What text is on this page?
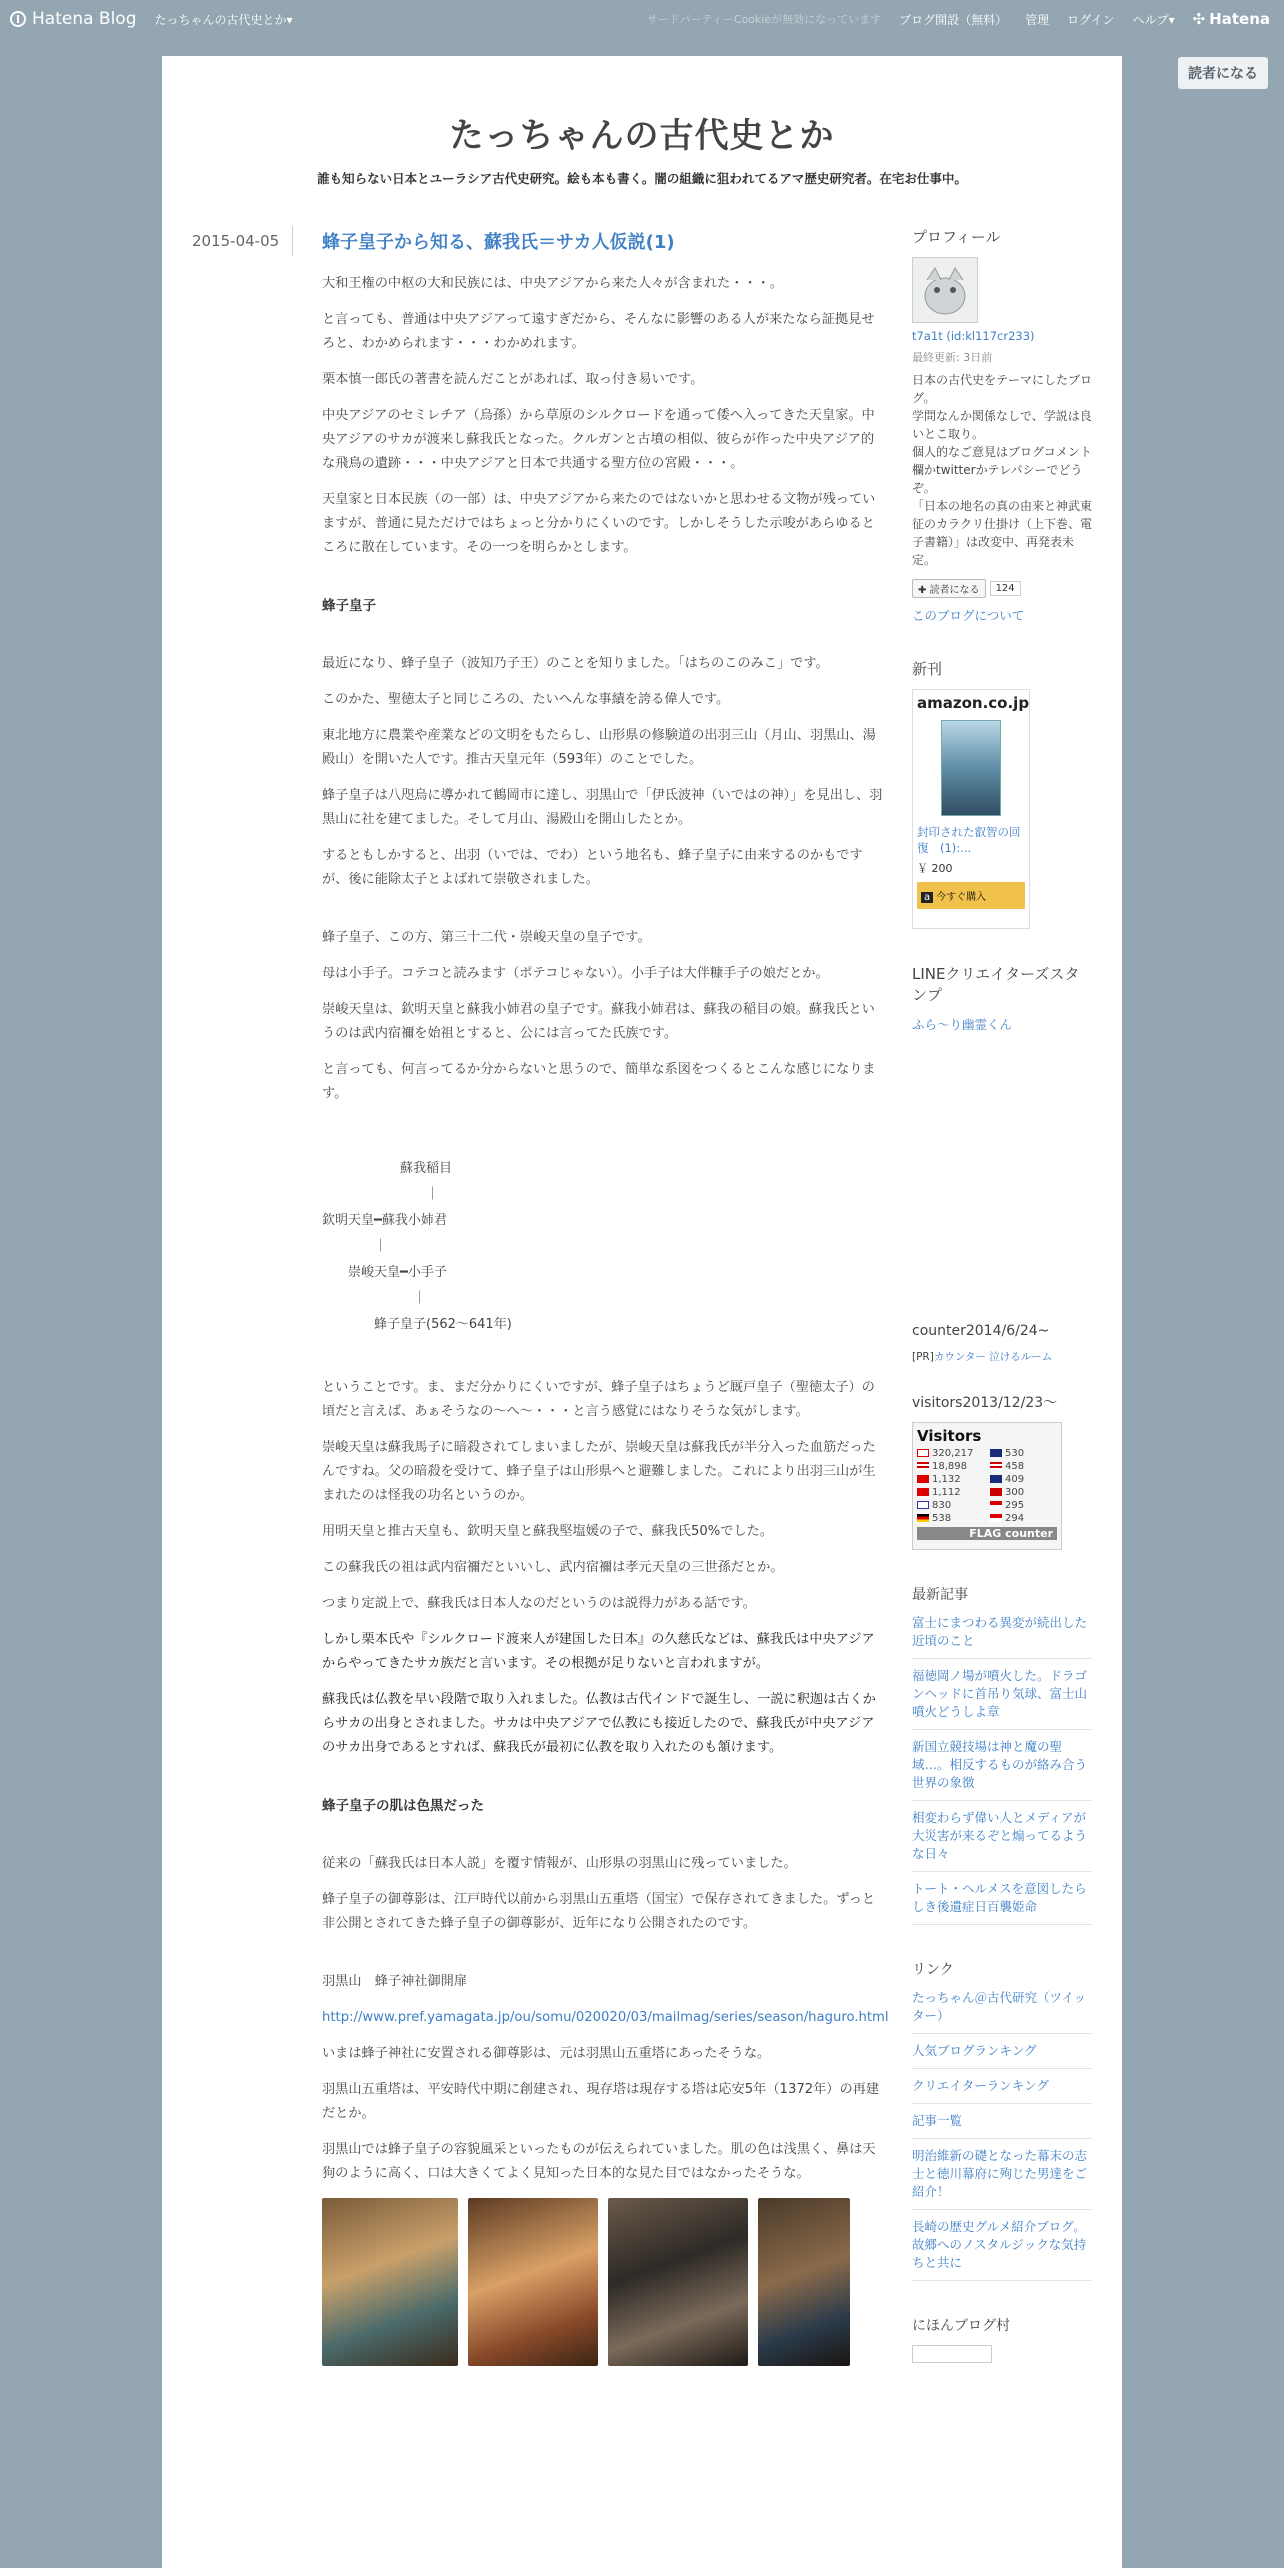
Hatena Blog たっちゃんの古代史とか▾	サードパーティーCookieが無効になっています ブログ開設（無料） 管理 ログイン ヘルプ▾ ✣ Hatena
読者になる
たっちゃんの古代史とか
誰も知らない日本とユーラシア古代史研究。絵も本も書く。闇の組織に狙われてるアマ歴史研究者。在宅お仕事中。
2015-04-05 蜂子皇子から知る、蘇我氏＝サカ人仮説(1)
大和王権の中枢の大和民族には、中央アジアから来た人々が含まれた・・・。
と言っても、普通は中央アジアって遠すぎだから、そんなに影響のある人が来たなら証拠見せろと、わかめられます・・・わかめれます。
栗本慎一郎氏の著書を読んだことがあれば、取っ付き易いです。
中央アジアのセミレチア（烏孫）から草原のシルクロードを通って倭へ入ってきた天皇家。中央アジアのサカが渡来し蘇我氏となった。クルガンと古墳の相似、彼らが作った中央アジア的な飛鳥の遺跡・・・中央アジアと日本で共通する聖方位の宮殿・・・。
天皇家と日本民族（の一部）は、中央アジアから来たのではないかと思わせる文物が残っていますが、普通に見ただけではちょっと分かりにくいのです。しかしそうした示唆があらゆるところに散在しています。その一つを明らかとします。
蜂子皇子
最近になり、蜂子皇子（波知乃子王）のことを知りました。「はちのこのみこ」です。
このかた、聖徳太子と同じころの、たいへんな事績を誇る偉人です。
東北地方に農業や産業などの文明をもたらし、山形県の修験道の出羽三山（月山、羽黒山、湯殿山）を開いた人です。推古天皇元年（593年）のことでした。
蜂子皇子は八咫烏に導かれて鶴岡市に達し、羽黒山で「伊氐波神（いではの神）」を見出し、羽黒山に社を建てました。そして月山、湯殿山を開山したとか。
するともしかすると、出羽（いでは、でわ）という地名も、蜂子皇子に由来するのかもですが、後に能除太子とよばれて崇敬されました。
蜂子皇子、この方、第三十二代・崇峻天皇の皇子です。
母は小手子。コテコと読みます（ポテコじゃない）。小手子は大伴糠手子の娘だとか。
崇峻天皇は、欽明天皇と蘇我小姉君の皇子です。蘇我小姉君は、蘇我の稲目の娘。蘇我氏というのは武内宿禰を始祖とすると、公には言ってた氏族です。
と言っても、何言ってるか分からないと思うので、簡単な系図をつくるとこんな感じになります。
　　　　　　蘇我稲目
　　　　　　　　｜
欽明天皇━蘇我小姉君
　　　　｜
　　崇峻天皇━小手子
　　　　　　　｜
　　　　蜂子皇子(562～641年)
ということです。ま、まだ分かりにくいですが、蜂子皇子はちょうど厩戸皇子（聖徳太子）の頃だと言えば、あぁそうなの～へ～・・・と言う感覚にはなりそうな気がします。
崇峻天皇は蘇我馬子に暗殺されてしまいましたが、崇峻天皇は蘇我氏が半分入った血筋だったんですね。父の暗殺を受けて、蜂子皇子は山形県へと避難しました。これにより出羽三山が生まれたのは怪我の功名というのか。
用明天皇と推古天皇も、欽明天皇と蘇我堅塩媛の子で、蘇我氏50%でした。
この蘇我氏の祖は武内宿禰だといいし、武内宿禰は孝元天皇の三世孫だとか。
つまり定説上で、蘇我氏は日本人なのだというのは説得力がある話です。
しかし栗本氏や『シルクロード渡来人が建国した日本』の久慈氏などは、蘇我氏は中央アジアからやってきたサカ族だと言います。その根拠が足りないと言われますが。
蘇我氏は仏教を早い段階で取り入れました。仏教は古代インドで誕生し、一説に釈迦は古くからサカの出身とされました。サカは中央アジアで仏教にも接近したので、蘇我氏が中央アジアのサカ出身であるとすれば、蘇我氏が最初に仏教を取り入れたのも頷けます。
蜂子皇子の肌は色黒だった
従来の「蘇我氏は日本人説」を覆す情報が、山形県の羽黒山に残っていました。
蜂子皇子の御尊影は、江戸時代以前から羽黒山五重塔（国宝）で保存されてきました。ずっと非公開とされてきた蜂子皇子の御尊影が、近年になり公開されたのです。
羽黒山　蜂子神社御開扉
http://www.pref.yamagata.jp/ou/somu/020020/03/mailmag/series/season/haguro.html
いまは蜂子神社に安置される御尊影は、元は羽黒山五重塔にあったそうな。
羽黒山五重塔は、平安時代中期に創建され、現存塔は現存する塔は応安5年（1372年）の再建だとか。
羽黒山では蜂子皇子の容貌風采といったものが伝えられていました。肌の色は浅黒く、鼻は天狗のように高く、口は大きくてよく見知った日本的な見た目ではなかったそうな。
プロフィール
t7a1t (id:kl117cr233)
最終更新: 3日前
日本の古代史をテーマにしたブログ。
学問なんか関係なしで、学説は良いとこ取り。
個人的なご意見はブログコメント欄かtwitterかテレパシーでどうぞ。
「日本の地名の真の由来と神武東征のカラクリ仕掛け（上下巻、電子書籍）」は改変中、再発表未定。
✚ 読者になる	124
このブログについて
新刊
amazon.co.jp
封印された叡智の回復　(1):...
￥ 200
a 今すぐ購入
LINEクリエイターズスタンプ
ふら～り幽霊くん
counter2014/6/24~
[PR]カウンター 泣けるルーム
visitors2013/12/23～
Visitors
320,217	530
18,898	458
1,132	409
1,112	300
830	295
538	294
FLAG counter
最新記事
富士にまつわる異変が続出した近頃のこと
福徳岡ノ場が噴火した。ドラゴンヘッドに首吊り気球、富士山噴火どうしよ章
新国立競技場は神と魔の聖域…。相反するものが絡み合う世界の象徴
相変わらず偉い人とメディアが大災害が来るぞと煽ってるような日々
トート・ヘルメスを意図したらしき後遺症日百襲姫命
リンク
たっちゃん＠古代研究（ツイッター）
人気ブログランキング
クリエイターランキング
記事一覧
明治維新の礎となった幕末の志士と徳川幕府に殉じた男達をご紹介！
長崎の歴史グルメ紹介ブログ。故郷へのノスタルジックな気持ちと共に
にほんブログ村
